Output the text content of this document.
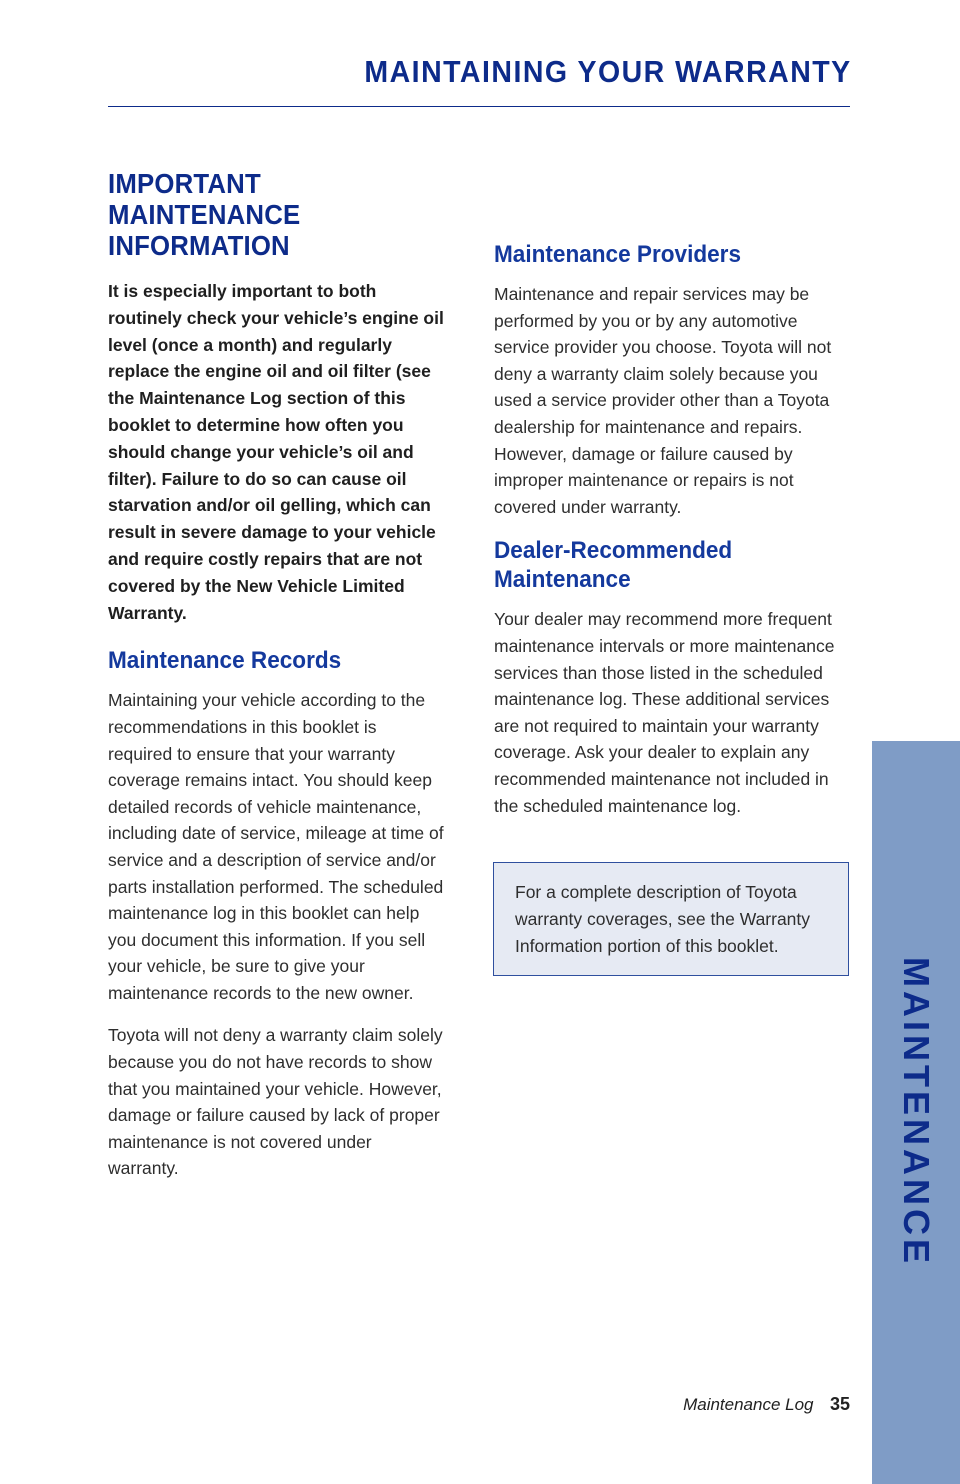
MAINTAINING YOUR WARRANTY
IMPORTANT MAINTENANCE INFORMATION

It is especially important to both routinely check your vehicle’s engine oil level (once a month) and regularly replace the engine oil and oil filter (see the Maintenance Log section of this booklet to determine how often you should change your vehicle’s oil and filter). Failure to do so can cause oil starvation and/or oil gelling, which can result in severe damage to your vehicle and require costly repairs that are not covered by the New Vehicle Limited Warranty.

Maintenance Records

Maintaining your vehicle according to the recommendations in this booklet is required to ensure that your warranty coverage remains intact. You should keep detailed records of vehicle maintenance, including date of service, mileage at time of service and a description of service and/or parts installation performed. The scheduled maintenance log in this booklet can help you document this information. If you sell your vehicle, be sure to give your maintenance records to the new owner.

Toyota will not deny a warranty claim solely because you do not have records to show that you maintained your vehicle. However, damage or failure caused by lack of proper maintenance is not covered under warranty.

Maintenance Providers

Maintenance and repair services may be performed by you or by any automotive service provider you choose. Toyota will not deny a warranty claim solely because you used a service provider other than a Toyota dealership for maintenance and repairs. However, damage or failure caused by improper maintenance or repairs is not covered under warranty.

Dealer-Recommended Maintenance

Your dealer may recommend more frequent maintenance intervals or more maintenance services than those listed in the scheduled maintenance log. These additional services are not required to maintain your warranty coverage. Ask your dealer to explain any recommended maintenance not included in the scheduled maintenance log.

For a complete description of Toyota warranty coverages, see the Warranty Information portion of this booklet.

MAINTENANCE
Maintenance Log 35
